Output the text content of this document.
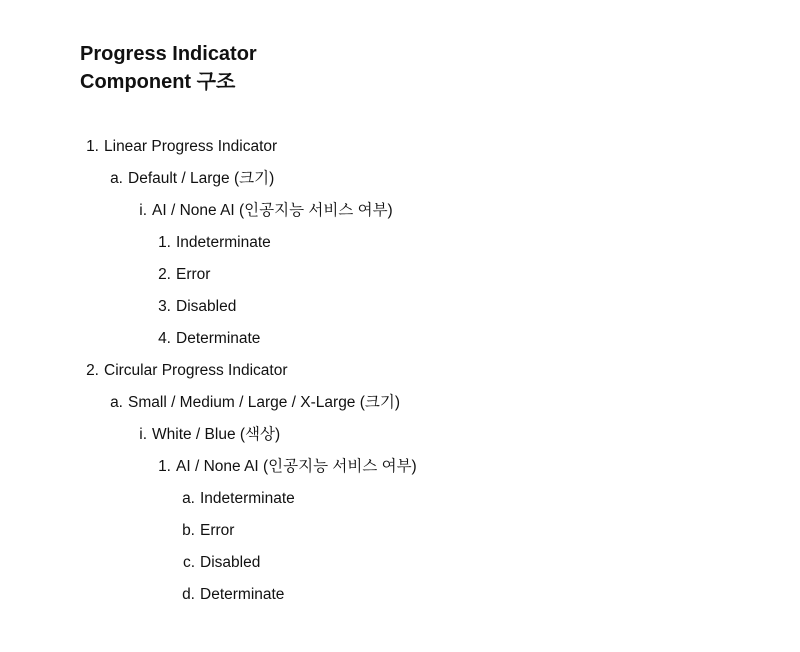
Progress Indicator
Component 구조
1. Linear Progress Indicator
a. Default / Large (크기)
i. AI / None AI (인공지능 서비스 여부)
1. Indeterminate
2. Error
3. Disabled
4. Determinate
2. Circular Progress Indicator
a. Small / Medium / Large / X-Large (크기)
i. White / Blue (색상)
1. AI / None AI (인공지능 서비스 여부)
a. Indeterminate
b. Error
c. Disabled
d. Determinate
